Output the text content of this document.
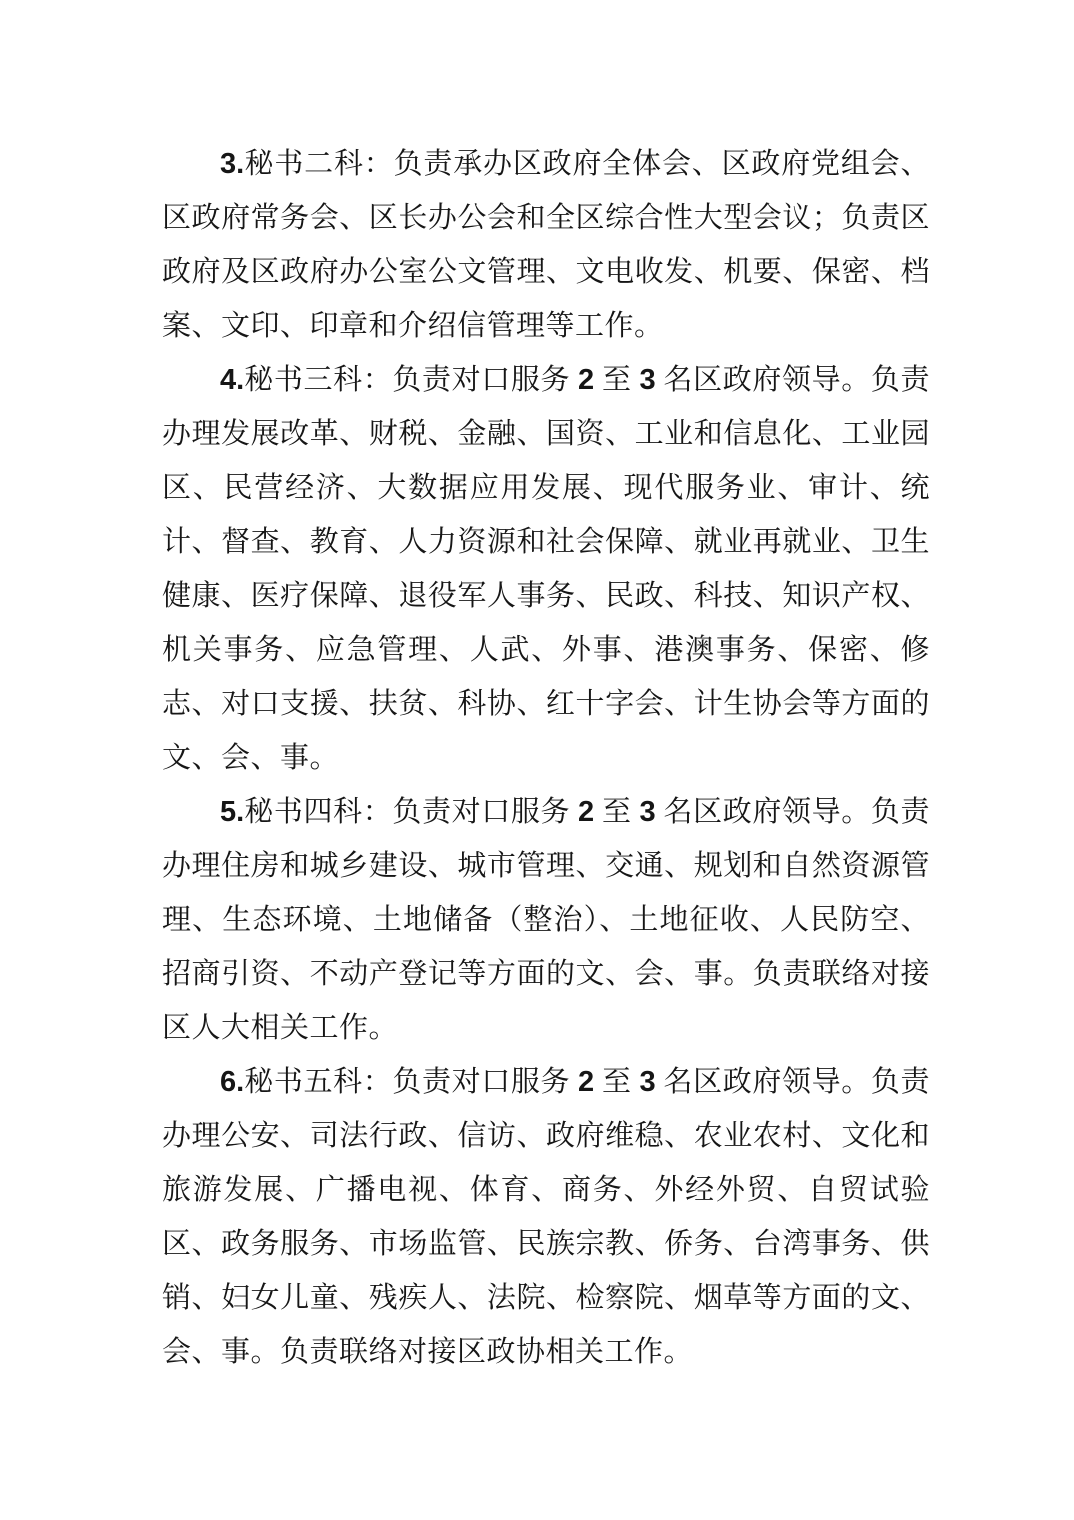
3.秘书二科：负责承办区政府全体会、区政府党组会、区政府常务会、区长办公会和全区综合性大型会议；负责区政府及区政府办公室公文管理、文电收发、机要、保密、档案、文印、印章和介绍信管理等工作。

4.秘书三科：负责对口服务 2 至 3 名区政府领导。负责办理发展改革、财税、金融、国资、工业和信息化、工业园区、民营经济、大数据应用发展、现代服务业、审计、统计、督查、教育、人力资源和社会保障、就业再就业、卫生健康、医疗保障、退役军人事务、民政、科技、知识产权、机关事务、应急管理、人武、外事、港澳事务、保密、修志、对口支援、扶贫、科协、红十字会、计生协会等方面的文、会、事。

5.秘书四科：负责对口服务 2 至 3 名区政府领导。负责办理住房和城乡建设、城市管理、交通、规划和自然资源管理、生态环境、土地储备（整治）、土地征收、人民防空、招商引资、不动产登记等方面的文、会、事。负责联络对接区人大相关工作。

6.秘书五科：负责对口服务 2 至 3 名区政府领导。负责办理公安、司法行政、信访、政府维稳、农业农村、文化和旅游发展、广播电视、体育、商务、外经外贸、自贸试验区、政务服务、市场监管、民族宗教、侨务、台湾事务、供销、妇女儿童、残疾人、法院、检察院、烟草等方面的文、会、事。负责联络对接区政协相关工作。
